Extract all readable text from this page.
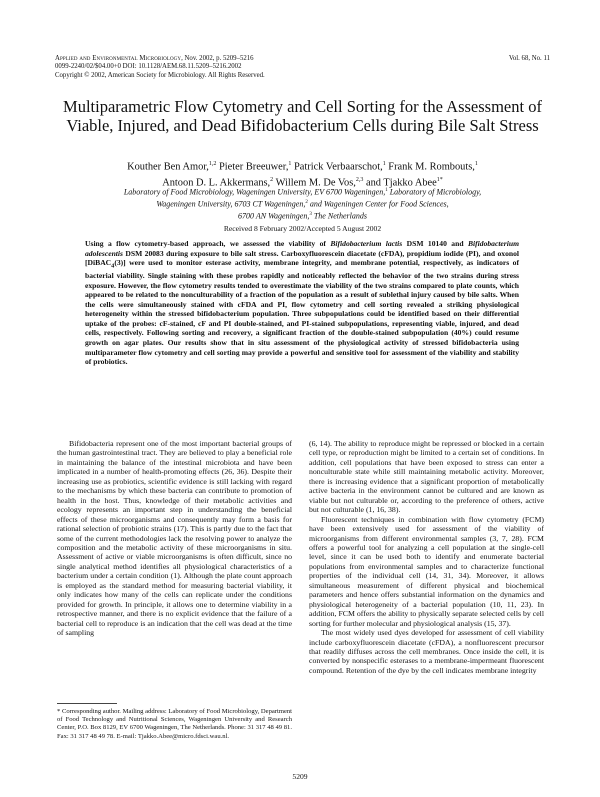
Applied and Environmental Microbiology, Nov. 2002, p. 5209–5216
0099-2240/02/$04.00+0 DOI: 10.1128/AEM.68.11.5209–5216.2002
Copyright © 2002, American Society for Microbiology. All Rights Reserved.
Vol. 68, No. 11
Multiparametric Flow Cytometry and Cell Sorting for the Assessment of Viable, Injured, and Dead Bifidobacterium Cells during Bile Salt Stress
Kouther Ben Amor,$^{1,2}$ Pieter Breeuwer,$^1$ Patrick Verbaarschot,$^1$ Frank M. Rombouts,$^1$
Antoon D. L. Akkermans,$^2$ Willem M. De Vos,$^{2,3}$ and Tjakko Abee$^{1*}$
Laboratory of Food Microbiology, Wageningen University, EV 6700 Wageningen,$^1$ Laboratory of Microbiology,
Wageningen University, 6703 CT Wageningen,$^2$ and Wageningen Center for Food Sciences,
6700 AN Wageningen,$^3$ The Netherlands
Received 8 February 2002/Accepted 5 August 2002
Using a flow cytometry-based approach, we assessed the viability of Bifidobacterium lactis DSM 10140 and Bifidobacterium adolescentis DSM 20083 during exposure to bile salt stress. Carboxyfluorescein diacetate (cFDA), propidium iodide (PI), and oxonol [DiBAC$_4$(3)] were used to monitor esterase activity, membrane integrity, and membrane potential, respectively, as indicators of bacterial viability. Single staining with these probes rapidly and noticeably reflected the behavior of the two strains during stress exposure. However, the flow cytometry results tended to overestimate the viability of the two strains compared to plate counts, which appeared to be related to the nonculturability of a fraction of the population as a result of sublethal injury caused by bile salts. When the cells were simultaneously stained with cFDA and PI, flow cytometry and cell sorting revealed a striking physiological heterogeneity within the stressed bifidobacterium population. Three subpopulations could be identified based on their differential uptake of the probes: cF-stained, cF and PI double-stained, and PI-stained subpopulations, representing viable, injured, and dead cells, respectively. Following sorting and recovery, a significant fraction of the double-stained subpopulation (40%) could resume growth on agar plates. Our results show that in situ assessment of the physiological activity of stressed bifidobacteria using multiparameter flow cytometry and cell sorting may provide a powerful and sensitive tool for assessment of the viability and stability of probiotics.

Bifidobacteria represent one of the most important bacterial groups of the human gastrointestinal tract. They are believed to play a beneficial role in maintaining the balance of the intestinal microbiota and have been implicated in a number of health-promoting effects (26, 36). Despite their increasing use as probiotics, scientific evidence is still lacking with regard to the mechanisms by which these bacteria can contribute to promotion of health in the host. Thus, knowledge of their metabolic activities and ecology represents an important step in understanding the beneficial effects of these microorganisms and consequently may form a basis for rational selection of probiotic strains (17). This is partly due to the fact that some of the current methodologies lack the resolving power to analyze the composition and the metabolic activity of these microorganisms in situ. Assessment of active or viable microorganisms is often difficult, since no single analytical method identifies all physiological characteristics of a bacterium under a certain condition (1). Although the plate count approach is employed as the standard method for measuring bacterial viability, it only indicates how many of the cells can replicate under the conditions provided for growth. In principle, it allows one to determine viability in a retrospective manner, and there is no explicit evidence that the failure of a bacterial cell to reproduce is an indication that the cell was dead at the time of sampling

(6, 14). The ability to reproduce might be repressed or blocked in a certain cell type, or reproduction might be limited to a certain set of conditions. In addition, cell populations that have been exposed to stress can enter a nonculturable state while still maintaining metabolic activity. Moreover, there is increasing evidence that a significant proportion of metabolically active bacteria in the environment cannot be cultured and are known as viable but not culturable or, according to the preference of others, active but not culturable (1, 16, 38).

Fluorescent techniques in combination with flow cytometry (FCM) have been extensively used for assessment of the viability of microorganisms from different environmental samples (3, 7, 28). FCM offers a powerful tool for analyzing a cell population at the single-cell level, since it can be used both to identify and enumerate bacterial populations from environmental samples and to characterize functional properties of the individual cell (14, 31, 34). Moreover, it allows simultaneous measurement of different physical and biochemical parameters and hence offers substantial information on the dynamics and physiological heterogeneity of a bacterial population (10, 11, 23). In addition, FCM offers the ability to physically separate selected cells by cell sorting for further molecular and physiological analysis (15, 37).

The most widely used dyes developed for assessment of cell viability include carboxyfluorescein diacetate (cFDA), a nonfluorescent precursor that readily diffuses across the cell membranes. Once inside the cell, it is converted by nonspecific esterases to a membrane-impermeant fluorescent compound. Retention of the dye by the cell indicates membrane integrity

* Corresponding author. Mailing address: Laboratory of Food Microbiology, Department of Food Technology and Nutritional Sciences, Wageningen University and Research Center, P.O. Box 8129, EV 6700 Wageningen, The Netherlands. Phone: 31 317 48 49 81. Fax: 31 317 48 49 78. E-mail: Tjakko.Abee@micro.fdsci.wau.nl.
5209
